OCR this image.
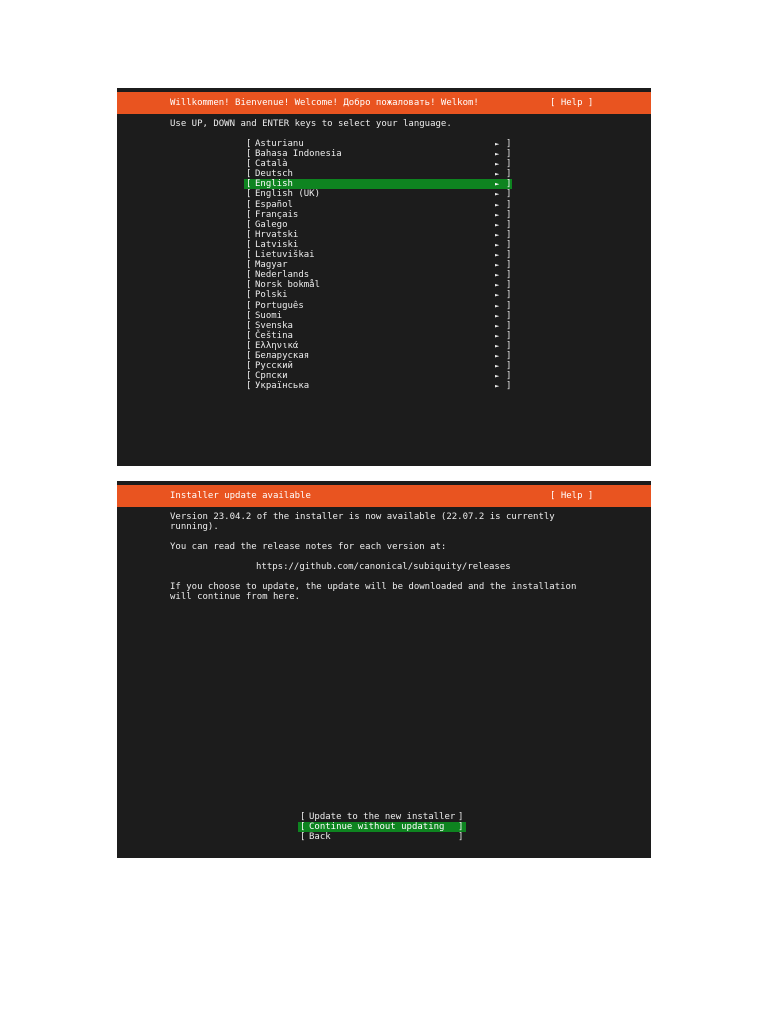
Willkommen! Bienvenue! Welcome! Добро пожаловать! Welkom!	[ Help ]
Use UP, DOWN and ENTER keys to select your language.

[

Asturianu

	►

]

[

Bahasa Indonesia

	►

]

[

Català

	►

]

[

Deutsch

	►

]

[

English

	►

]

[

English (UK)

	►

]

[

Español

	►

]

[

Français

	►

]

[

Galego

	►

]

[

Hrvatski

	►

]

[

Latviski

	►

]

[

Lietuviškai

	►

]

[

Magyar

	►

]

[

Nederlands

	►

]

[

Norsk bokmål

	►

]

[

Polski

	►

]

[

Português

	►

]

[

Suomi

	►

]

[

Svenska

	►

]

[

Čeština

	►

]

[

Ελληνικά

	►

]

[

Беларуская

	►

]

[

Русский

	►

]

[

Српски

	►

]

[

Українська

	►

]

Installer update available	[ Help ]
Version 23.04.2 of the installer is now available (22.07.2 is currently
running).
You can read the release notes for each version at:
https://github.com/canonical/subiquity/releases
If you choose to update, the update will be downloaded and the installation
will continue from here.

[

Update to the new installer

]

[

Continue without updating

]

[

Back

	]
